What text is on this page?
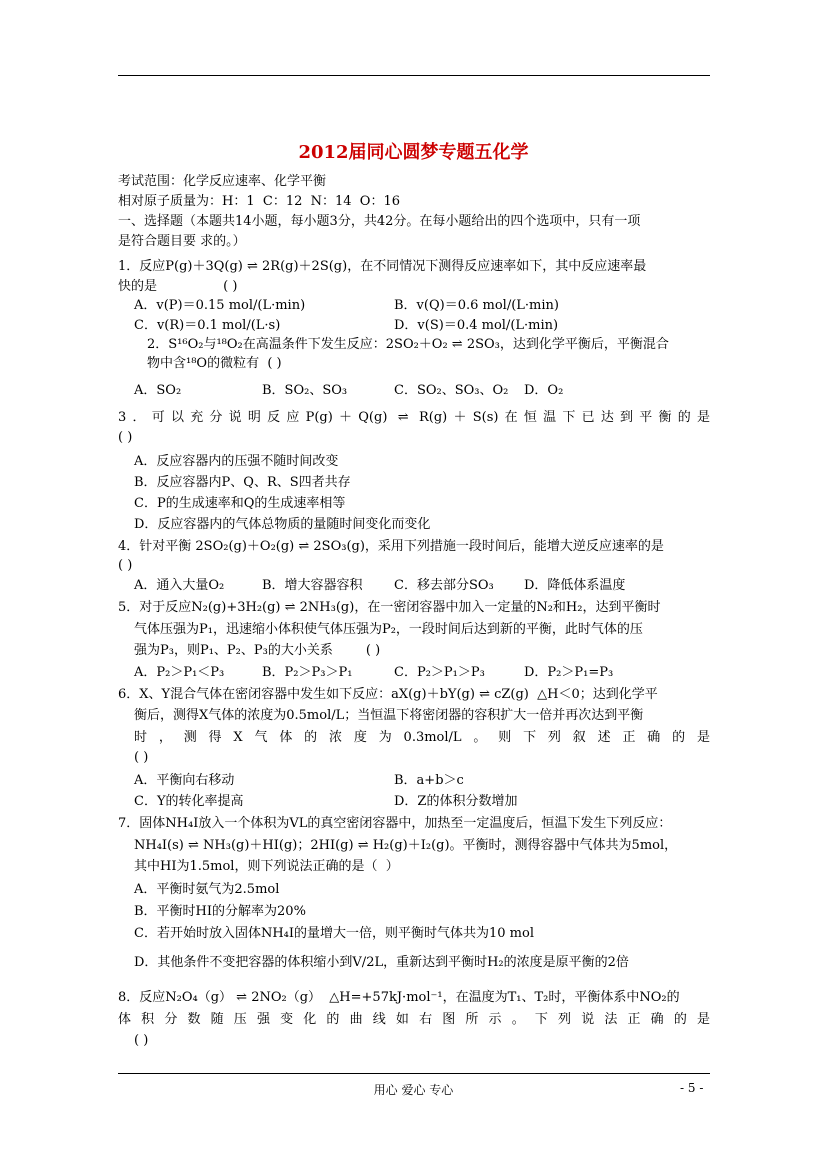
2012届同心圆梦专题五化学
考试范围：化学反应速率、化学平衡
相对原子质量为：H：1  C：12  N：14  O：16
一、选择题（本题共14小题，每小题3分，共42分。在每小题给出的四个选项中，只有一项
是符合题目要 求的。）
1．反应P(g)＋3Q(g) ⇌ 2R(g)＋2S(g)，在不同情况下测得反应速率如下，其中反应速率最
快的是                ( )
A．v(P)＝0.15 mol/(L·min)	B．v(Q)＝0.6 mol/(L·min)
C．v(R)＝0.1 mol/(L·s)	D．v(S)＝0.4 mol/(L·min)
2．S¹⁶O₂与¹⁸O₂在高温条件下发生反应：2SO₂＋O₂ ⇌ 2SO₃，达到化学平衡后，平衡混合
物中含¹⁸O的微粒有  ( )
A．SO₂	B．SO₂、SO₃	C．SO₂、SO₃、O₂ D．O₂
3．可以充分说明反应P(g)＋Q(g) ⇌ R(g)＋S(s)在恒温下已达到平衡的是
( )
A．反应容器内的压强不随时间改变
B．反应容器内P、Q、R、S四者共存
C．P的生成速率和Q的生成速率相等
D．反应容器内的气体总物质的量随时间变化而变化
4．针对平衡 2SO₂(g)＋O₂(g) ⇌ 2SO₃(g)，采用下列措施一段时间后，能增大逆反应速率的是
( )
A．通入大量O₂	B．增大容器容积 C．移去部分SO₃ D．降低体系温度
5．对于反应N₂(g)+3H₂(g) ⇌ 2NH₃(g)，在一密闭容器中加入一定量的N₂和H₂，达到平衡时
气体压强为P₁，迅速缩小体积使气体压强为P₂，一段时间后达到新的平衡，此时气体的压
强为P₃，则P₁、P₂、P₃的大小关系        ( )
A．P₂＞P₁＜P₃	B．P₂＞P₃＞P₁	C．P₂＞P₁＞P₃	D．P₂＞P₁=P₃
6．X、Y混合气体在密闭容器中发生如下反应：aX(g)＋bY(g) ⇌ cZ(g)  △H＜0；达到化学平
衡后，测得X气体的浓度为0.5mol/L；当恒温下将密闭器的容积扩大一倍并再次达到平衡
时，测得X气体的浓度为0.3mol/L。则下列叙述正确的是
( )
A．平衡向右移动	B．a+b＞c
C．Y的转化率提高	D．Z的体积分数增加
7．固体NH₄I放入一个体积为VL的真空密闭容器中，加热至一定温度后，恒温下发生下列反应：
NH₄I(s) ⇌ NH₃(g)＋HI(g)；2HI(g) ⇌ H₂(g)＋I₂(g)。平衡时，测得容器中气体共为5mol，
其中HI为1.5mol，则下列说法正确的是（  ）
A．平衡时氨气为2.5mol
B．平衡时HI的分解率为20%
C．若开始时放入固体NH₄I的量增大一倍，则平衡时气体共为10 mol
D．其他条件不变把容器的体积缩小到V/2L，重新达到平衡时H₂的浓度是原平衡的2倍
8．反应N₂O₄（g） ⇌ 2NO₂（g）  △H=+57kJ·mol⁻¹，在温度为T₁、T₂时，平衡体系中NO₂的
体积分数随压强变化的曲线如右图所示。下列说法正确的是
( )
用心 爱心 专心	- 5 -
